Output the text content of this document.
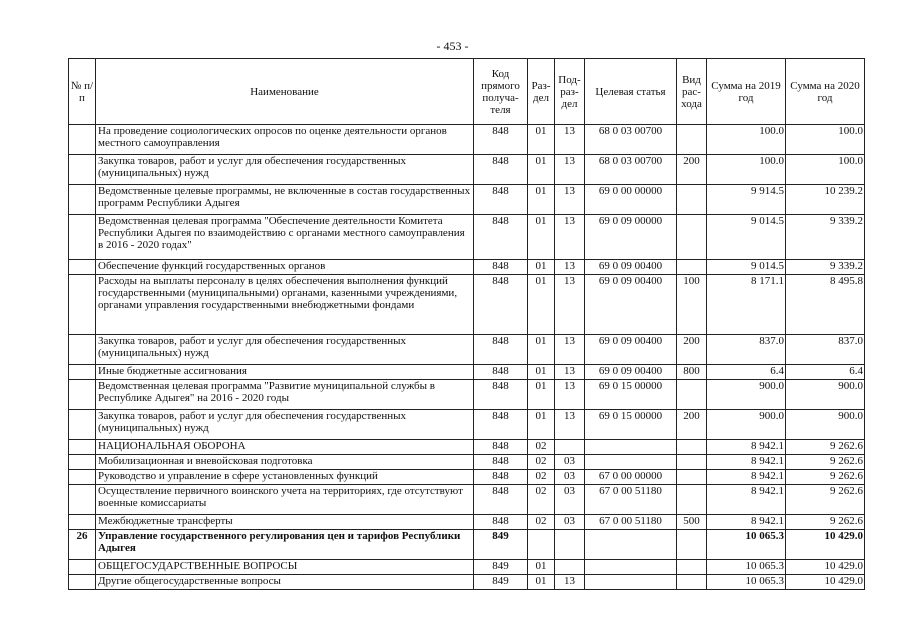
- 453 -
№ п/п	Наименование	Код прямого получа-теля	Раз-дел	Под-раз-дел	Целевая статья	Вид рас-хода	Сумма на 2019 год	Сумма на 2020 год
	На проведение социологических опросов по оценке деятельности органов местного самоуправления	848	01	13	68 0 03 00700		100.0	100.0
	Закупка товаров, работ и услуг для обеспечения государственных (муниципальных) нужд	848	01	13	68 0 03 00700	200	100.0	100.0
	Ведомственные целевые программы, не включенные в состав государственных программ Республики Адыгея	848	01	13	69 0 00 00000		9 914.5	10 239.2
	Ведомственная целевая программа "Обеспечение деятельности Комитета Республики Адыгея по взаимодействию с органами местного самоуправления в 2016 - 2020 годах"	848	01	13	69 0 09 00000		9 014.5	9 339.2
	Обеспечение функций государственных органов	848	01	13	69 0 09 00400		9 014.5	9 339.2
	Расходы на выплаты персоналу в целях обеспечения выполнения функций государственными (муниципальными) органами, казенными учреждениями, органами управления государственными внебюджетными фондами	848	01	13	69 0 09 00400	100	8 171.1	8 495.8
	Закупка товаров, работ и услуг для обеспечения государственных (муниципальных) нужд	848	01	13	69 0 09 00400	200	837.0	837.0
	Иные бюджетные ассигнования	848	01	13	69 0 09 00400	800	6.4	6.4
	Ведомственная целевая программа "Развитие муниципальной службы в Республике Адыгея" на 2016 - 2020 годы	848	01	13	69 0 15 00000		900.0	900.0
	Закупка товаров, работ и услуг для обеспечения государственных (муниципальных) нужд	848	01	13	69 0 15 00000	200	900.0	900.0
	НАЦИОНАЛЬНАЯ ОБОРОНА	848	02				8 942.1	9 262.6
	Мобилизационная и вневойсковая подготовка	848	02	03			8 942.1	9 262.6
	Руководство и управление в сфере установленных функций	848	02	03	67 0 00 00000		8 942.1	9 262.6
	Осуществление первичного воинского учета на территориях, где отсутствуют военные комиссариаты	848	02	03	67 0 00 51180		8 942.1	9 262.6
	Межбюджетные трансферты	848	02	03	67 0 00 51180	500	8 942.1	9 262.6
26	Управление государственного регулирования цен и тарифов Республики Адыгея	849					10 065.3	10 429.0
	ОБЩЕГОСУДАРСТВЕННЫЕ ВОПРОСЫ	849	01				10 065.3	10 429.0
	Другие общегосударственные вопросы	849	01	13			10 065.3	10 429.0
